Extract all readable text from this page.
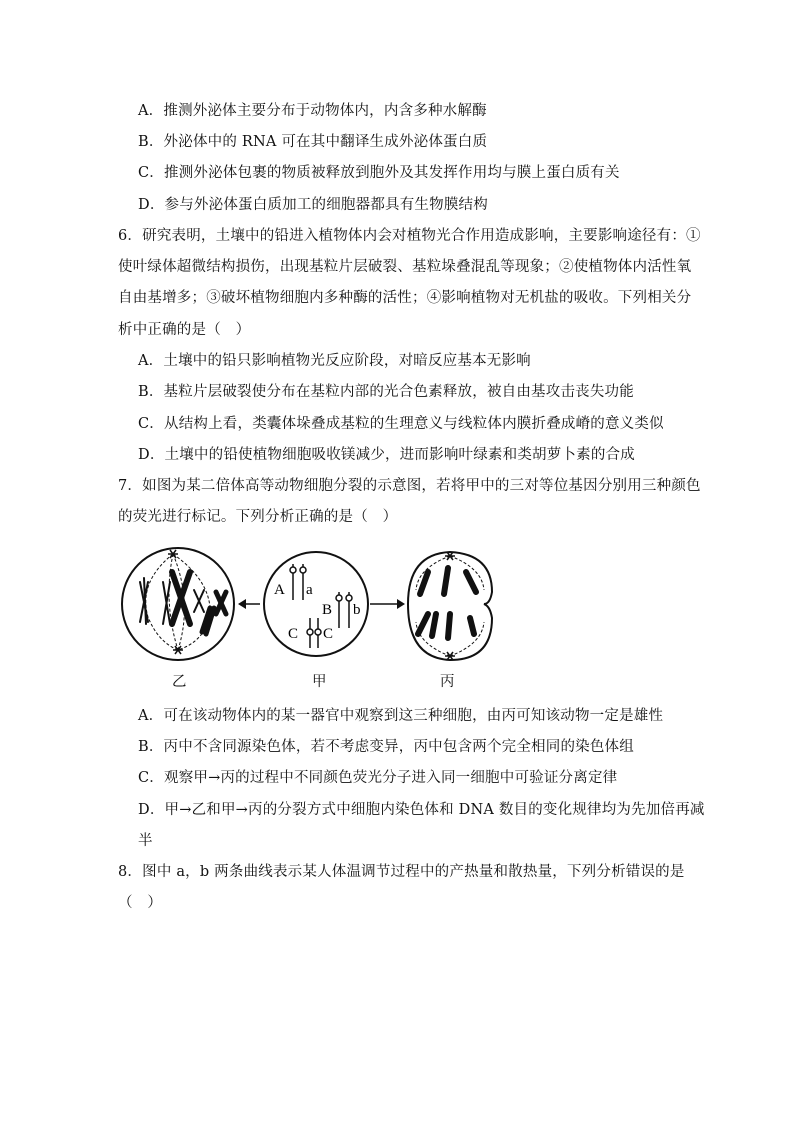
A．推测外泌体主要分布于动物体内，内含多种水解酶
B．外泌体中的 RNA 可在其中翻译生成外泌体蛋白质
C．推测外泌体包裹的物质被释放到胞外及其发挥作用均与膜上蛋白质有关
D．参与外泌体蛋白质加工的细胞器都具有生物膜结构
6．研究表明，土壤中的铅进入植物体内会对植物光合作用造成影响，主要影响途径有：①
使叶绿体超微结构损伤，出现基粒片层破裂、基粒垛叠混乱等现象；②使植物体内活性氧
自由基增多；③破坏植物细胞内多种酶的活性；④影响植物对无机盐的吸收。下列相关分
析中正确的是（　）
A．土壤中的铅只影响植物光反应阶段，对暗反应基本无影响
B．基粒片层破裂使分布在基粒内部的光合色素释放，被自由基攻击丧失功能
C．从结构上看，类囊体垛叠成基粒的生理意义与线粒体内膜折叠成嵴的意义类似
D．土壤中的铅使植物细胞吸收镁减少，进而影响叶绿素和类胡萝卜素的合成
7．如图为某二倍体高等动物细胞分裂的示意图，若将甲中的三对等位基因分别用三种颜色
的荧光进行标记。下列分析正确的是（　）
A a
B b
C C
乙	甲	丙
A．可在该动物体内的某一器官中观察到这三种细胞，由丙可知该动物一定是雄性
B．丙中不含同源染色体，若不考虑变异，丙中包含两个完全相同的染色体组
C．观察甲→丙的过程中不同颜色荧光分子进入同一细胞中可验证分离定律
D．甲→乙和甲→丙的分裂方式中细胞内染色体和 DNA 数目的变化规律均为先加倍再减
半
8．图中 a，b 两条曲线表示某人体温调节过程中的产热量和散热量，下列分析错误的是
（　）
